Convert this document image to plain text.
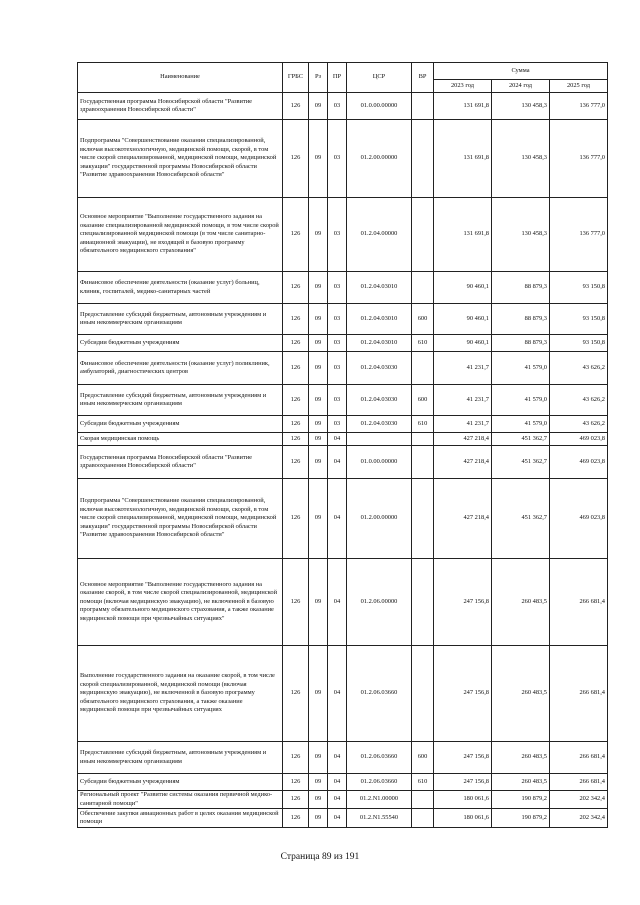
Наименование	ГРБС	Рз	ПР	ЦСР	ВР	Сумма		
						2023 год	2024 год	2025 год
Государственная программа Новосибирской области "Развитие здравоохранения Новосибирской области"	126	09	03	01.0.00.00000		131 691,8	130 458,3	136 777,0
Подпрограмма "Совершенствование оказания специализированной, включая высокотехнологичную, медицинской помощи, скорой, в том числе скорой специализированной, медицинской помощи, медицинской эвакуации" государственной программы Новосибирской области "Развитие здравоохранения Новосибирской области"	126	09	03	01.2.00.00000		131 691,8	130 458,3	136 777,0
Основное мероприятие "Выполнение государственного задания на оказание специализированной медицинской помощи, в том числе скорой специализированной медицинской помощи (в том числе санитарно-авиационной эвакуации), не входящей в базовую программу обязательного медицинского страхования"	126	09	03	01.2.04.00000		131 691,8	130 458,3	136 777,0
Финансовое обеспечение деятельности (оказание услуг) больниц, клиник, госпиталей, медико-санитарных частей	126	09	03	01.2.04.03010		90 460,1	88 879,3	93 150,8
Предоставление субсидий бюджетным, автономным учреждениям и иным некоммерческим организациям	126	09	03	01.2.04.03010	600	90 460,1	88 879,3	93 150,8
Субсидии бюджетным учреждениям	126	09	03	01.2.04.03010	610	90 460,1	88 879,3	93 150,8
Финансовое обеспечение деятельности (оказание услуг) поликлиник, амбулаторий, диагностических центров	126	09	03	01.2.04.03030		41 231,7	41 579,0	43 626,2
Предоставление субсидий бюджетным, автономным учреждениям и иным некоммерческим организациям	126	09	03	01.2.04.03030	600	41 231,7	41 579,0	43 626,2
Субсидии бюджетным учреждениям	126	09	03	01.2.04.03030	610	41 231,7	41 579,0	43 626,2
Скорая медицинская помощь	126	09	04			427 218,4	451 362,7	469 023,8
Государственная программа Новосибирской области "Развитие здравоохранения Новосибирской области"	126	09	04	01.0.00.00000		427 218,4	451 362,7	469 023,8
Подпрограмма "Совершенствование оказания специализированной, включая высокотехнологичную, медицинской помощи, скорой, в том числе скорой специализированной, медицинской помощи, медицинской эвакуации" государственной программы Новосибирской области "Развитие здравоохранения Новосибирской области"	126	09	04	01.2.00.00000		427 218,4	451 362,7	469 023,8
Основное мероприятие "Выполнение государственного задания на оказание скорой, в том числе скорой специализированной, медицинской помощи (включая медицинскую эвакуацию), не включенной в базовую программу обязательного медицинского страхования, а также оказание медицинской помощи при чрезвычайных ситуациях"	126	09	04	01.2.06.00000		247 156,8	260 483,5	266 681,4
Выполнение государственного задания на оказание скорой, в том числе скорой специализированной, медицинской помощи (включая медицинскую эвакуацию), не включенной в базовую программу обязательного медицинского страхования, а также оказание медицинской помощи при чрезвычайных ситуациях	126	09	04	01.2.06.03660		247 156,8	260 483,5	266 681,4
Предоставление субсидий бюджетным, автономным учреждениям и иным некоммерческим организациям	126	09	04	01.2.06.03660	600	247 156,8	260 483,5	266 681,4
Субсидии бюджетным учреждениям	126	09	04	01.2.06.03660	610	247 156,8	260 483,5	266 681,4
Региональный проект "Развитие системы оказания первичной медико-санитарной помощи"	126	09	04	01.2.N1.00000		180 061,6	190 879,2	202 342,4
Обеспечение закупки авиационных работ в целях оказания медицинской помощи	126	09	04	01.2.N1.55540		180 061,6	190 879,2	202 342,4
Страница 89 из 191
